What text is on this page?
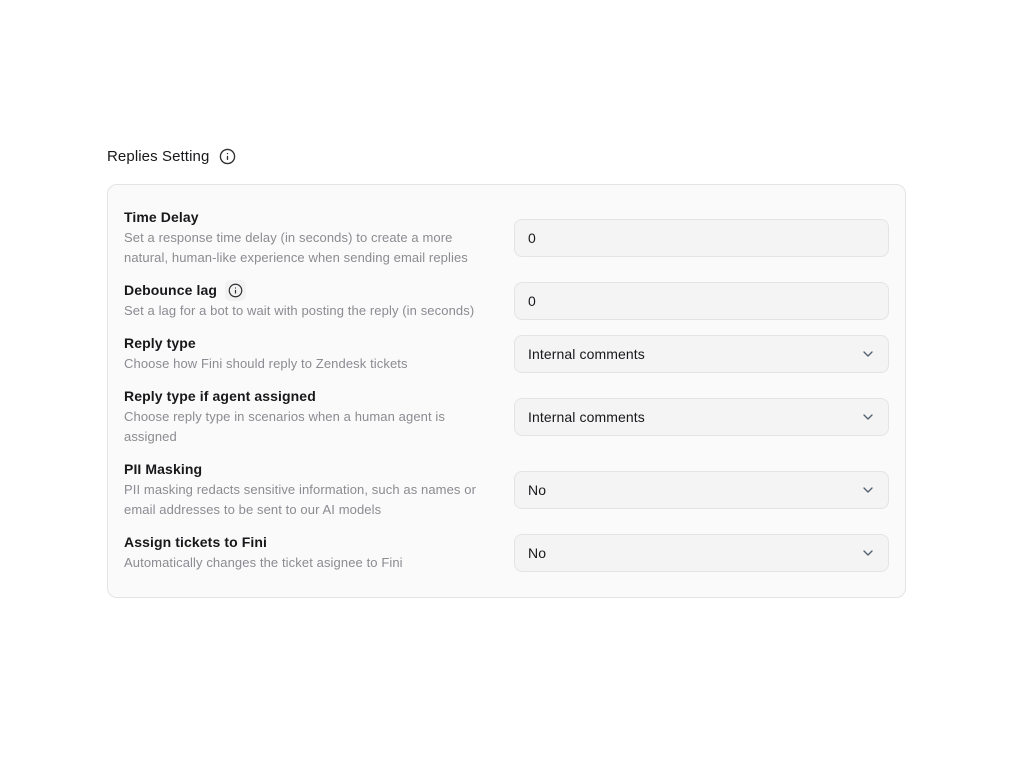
Replies Setting
Time Delay
Set a response time delay (in seconds) to create a more natural, human-like experience when sending email replies
0
Debounce lag
Set a lag for a bot to wait with posting the reply (in seconds)
0
Reply type
Choose how Fini should reply to Zendesk tickets
Internal comments
Reply type if agent assigned
Choose reply type in scenarios when a human agent is assigned
Internal comments
PII Masking
PII masking redacts sensitive information, such as names or email addresses to be sent to our AI models
No
Assign tickets to Fini
Automatically changes the ticket asignee to Fini
No
